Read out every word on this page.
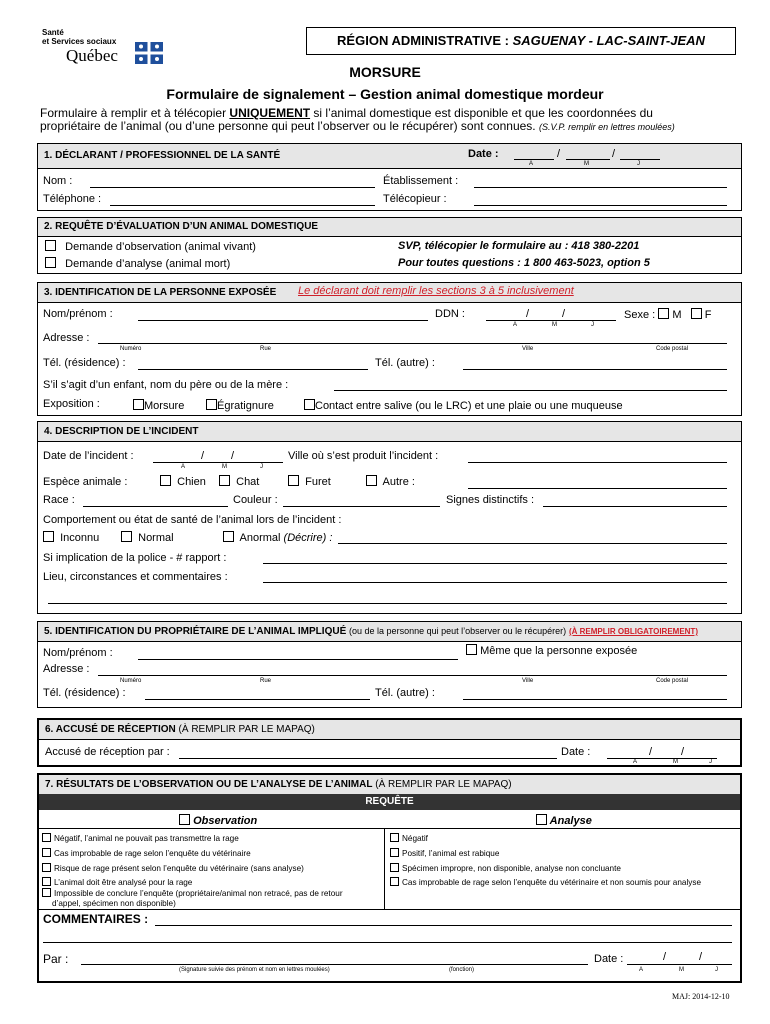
Santé
et Services sociaux
Québec
RÉGION ADMINISTRATIVE : SAGUENAY - LAC-SAINT-JEAN
MORSURE
Formulaire de signalement – Gestion animal domestique mordeur
Formulaire à remplir et à télécopier UNIQUEMENT si l’animal domestique est disponible et que les coordonnées du
propriétaire de l’animal (ou d’une personne qui peut l’observer ou le récupérer) sont connues. (S.V.P. remplir en lettres moulées)
1. DÉCLARANT / PROFESSIONNEL DE LA SANTÉ	Date :	/	/
A	M	J
Nom :	Établissement :
Téléphone :	Télécopieur :
2. REQUÊTE D’ÉVALUATION D’UN ANIMAL DOMESTIQUE
Demande d’observation (animal vivant)
Demande d’analyse (animal mort)
SVP, télécopier le formulaire au : 418 380-2201
Pour toutes questions : 1 800 463-5023, option 5
3. IDENTIFICATION DE LA PERSONNE EXPOSÉE Le déclarant doit remplir les sections 3 à 5 inclusivement
Nom/prénom :	DDN :	/	/
A	M	J
Sexe : M F
Adresse :
Numéro	Rue	Ville	Code postal
Tél. (résidence) :	Tél. (autre) :
S’il s’agit d’un enfant, nom du père ou de la mère :
Exposition :	Morsure	Égratignure	Contact entre salive (ou le LRC) et une plaie ou une muqueuse
4. DESCRIPTION DE L’INCIDENT
Date de l’incident :	/ /
A	M	J
Ville où s’est produit l’incident :
Espèce animale :	Chien	Chat	Furet	Autre :
Race :	Couleur :	Signes distinctifs :
Comportement ou état de santé de l’animal lors de l’incident :
Inconnu	Normal	Anormal (Décrire) :
Si implication de la police - # rapport :
Lieu, circonstances et commentaires :
5. IDENTIFICATION DU PROPRIÉTAIRE DE L’ANIMAL IMPLIQUÉ (ou de la personne qui peut l’observer ou le récupérer) (À REMPLIR OBLIGATOIREMENT)
Nom/prénom :	Même que la personne exposée
Adresse :
Numéro	Rue	Ville	Code postal
Tél. (résidence) :	Tél. (autre) :
6. ACCUSÉ DE RÉCEPTION (À REMPLIR PAR LE MAPAQ)
Accusé de réception par :	Date :	/	/
A	M	J
7. RÉSULTATS DE L’OBSERVATION OU DE L’ANALYSE DE L’ANIMAL (À REMPLIR PAR LE MAPAQ)
REQUÊTE
Observation	Analyse
Négatif, l’animal ne pouvait pas transmettre la rage
Cas improbable de rage selon l’enquête du vétérinaire
Risque de rage présent selon l’enquête du vétérinaire (sans analyse)
L’animal doit être analysé pour la rage
Impossible de conclure l’enquête (propriétaire/animal non retracé, pas de retour
d’appel, spécimen non disponible)
Négatif
Positif, l’animal est rabique
Spécimen impropre, non disponible, analyse non concluante
Cas improbable de rage selon l’enquête du vétérinaire et non soumis pour analyse
COMMENTAIRES :
Par :
(Signature suivie des prénom et nom en lettres moulées)	(fonction)
Date :	/	/
A	M	J
MAJ: 2014-12-10
